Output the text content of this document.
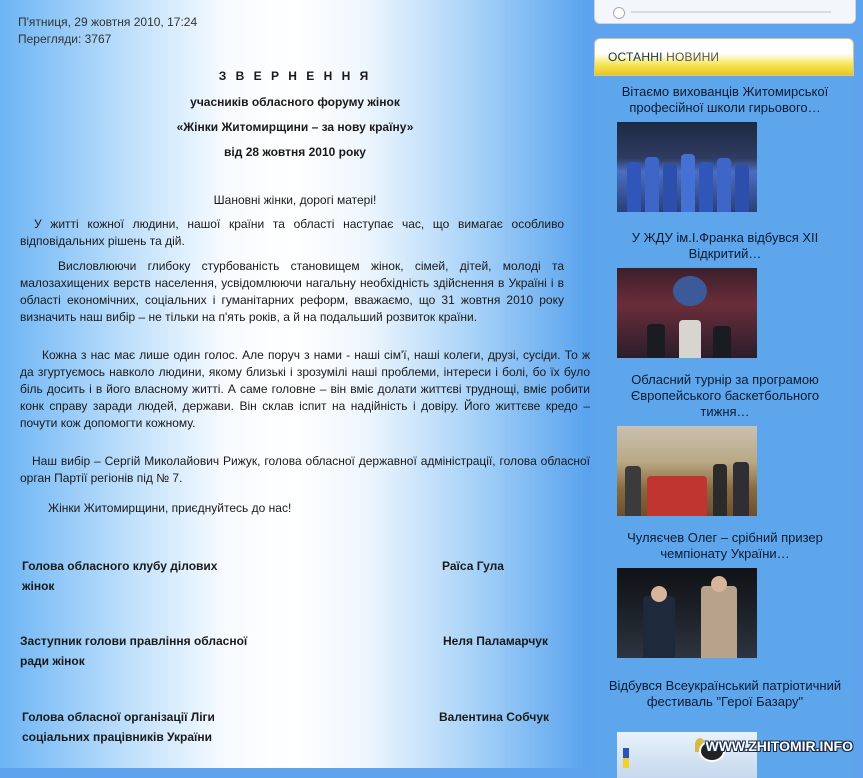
П'ятниця, 29 жовтня 2010, 17:24
Перегляди: 3767
З В Е Р Н Е Н Н Я
учасників обласного форуму жінок
«Жінки Житомирщини – за нову країну»
від 28 жовтня 2010 року
Шановні жінки, дорогі матері!
У житті кожної людини, нашої країни та області наступає час, що вимагає особливо відповідальних рішень та дій.
Висловлюючи глибоку стурбованість становищем жінок, сімей, дітей, молоді та малозахищених верств населення, усвідомлюючи нагальну необхідність здійснення в Україні і в області економічних, соціальних і гуманітарних реформ, вважаємо, що 31 жовтня 2010 року визначить наш вибір – не тільки на п'ять років, а й на подальший розвиток країни.
Кожна з нас має лише один голос. Але поруч з нами - наші сім'ї, наші колеги, друзі, сусіди. То ж да згуртуємось навколо людини, якому близькі і зрозумілі наші проблеми, інтереси і болі, бо їх було біль досить і в його власному житті. А саме головне – він вміє долати життєві труднощі, вміє робити конк справу заради людей, держави. Він склав іспит на надійність і довіру. Його життєве кредо – почути кож допомогти кожному.
Наш вибір – Сергій Миколайович Рижук, голова обласної державної адміністрації, голова обласної орган Партії регіонів під № 7.
Жінки Житомирщини, приєднуйтесь до нас!
Голова обласного клубу ділових жінок
Раїса Гула
Заступник голови правління обласної ради жінок
Неля Паламарчук
Голова обласної організації Ліги соціальних працівників України
Валентина Собчук
ОСТАННІ НОВИНИ
Вітаємо вихованців Житомирської професійної школи гирьового…
У ЖДУ ім.І.Франка відбувся XII Відкритий…
Обласний турнір за програмою Європейського баскетбольного тижня…
Чуляєчев Олег – срібний призер чемпіонату України…
Відбувся Всеукраїнський патріотичний фестиваль "Герої Базару"
WWW.ZHITOMIR.INFO
